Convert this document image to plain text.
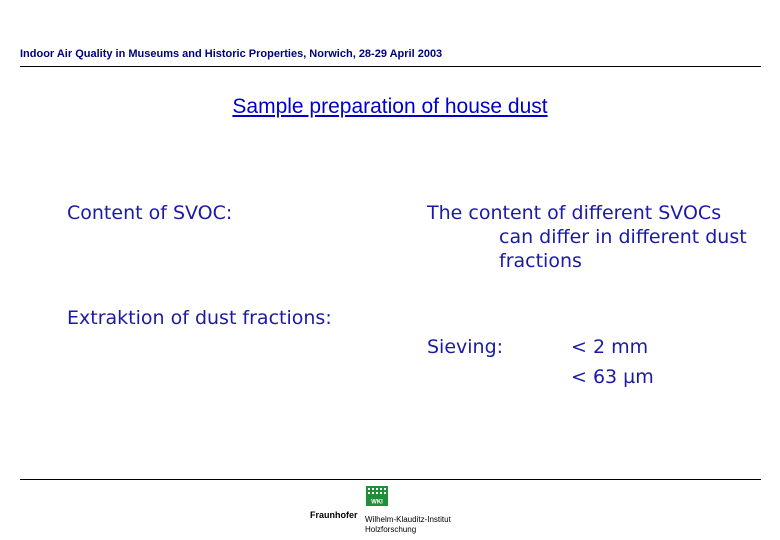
Indoor Air Quality in Museums and Historic Properties, Norwich, 28-29 April 2003
Sample preparation of house dust
Content of SVOC:	The content of different SVOCs
can differ in different dust
fractions
Extraktion of dust fractions:
Sieving:	< 2 mm
< 63 µm
WKI
Fraunhofer Wilhelm-Klauditz-Institut
Holzforschung
